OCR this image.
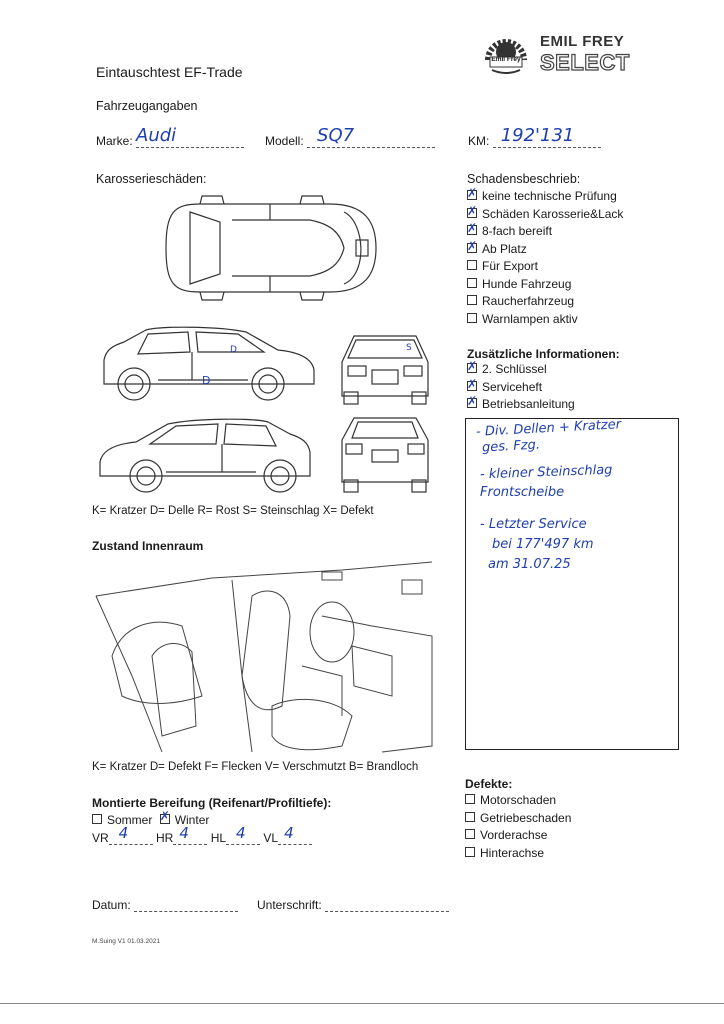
Emil Frey
EMIL FREY
SELECT
Eintauschtest EF-Trade
Fahrzeugangaben
Marke: Audi	Modell: SQ7	KM: 192'131
Karosserieschäden:
D
D	S
K= Kratzer D= Delle R= Rost S= Steinschlag X= Defekt
Zustand Innenraum
K= Kratzer D= Defekt F= Flecken V= Verschmutzt B= Brandloch
Schadensbeschrieb:
✗keine technische Prüfung
✗Schäden Karosserie&Lack
✗8-fach bereift
✗Ab Platz
Für Export
Hunde Fahrzeug
Raucherfahrzeug
Warnlampen aktiv
Zusätzliche Informationen:
✗2. Schlüssel
✗Serviceheft
✗Betriebsanleitung
- Div. Dellen + Kratzer
ges. Fzg.
- kleiner Steinschlag
Frontscheibe
- Letzter Service
bei 177'497 km
am 31.07.25
Montierte Bereifung (Reifenart/Profiltiefe):
Sommer ✗ Winter
VR 4 HR 4 HL 4 VL 4
Defekte:
Motorschaden
Getriebeschaden
Vorderachse
Hinterachse
Datum:	Unterschrift:
M.Suing V1 01.03.2021
